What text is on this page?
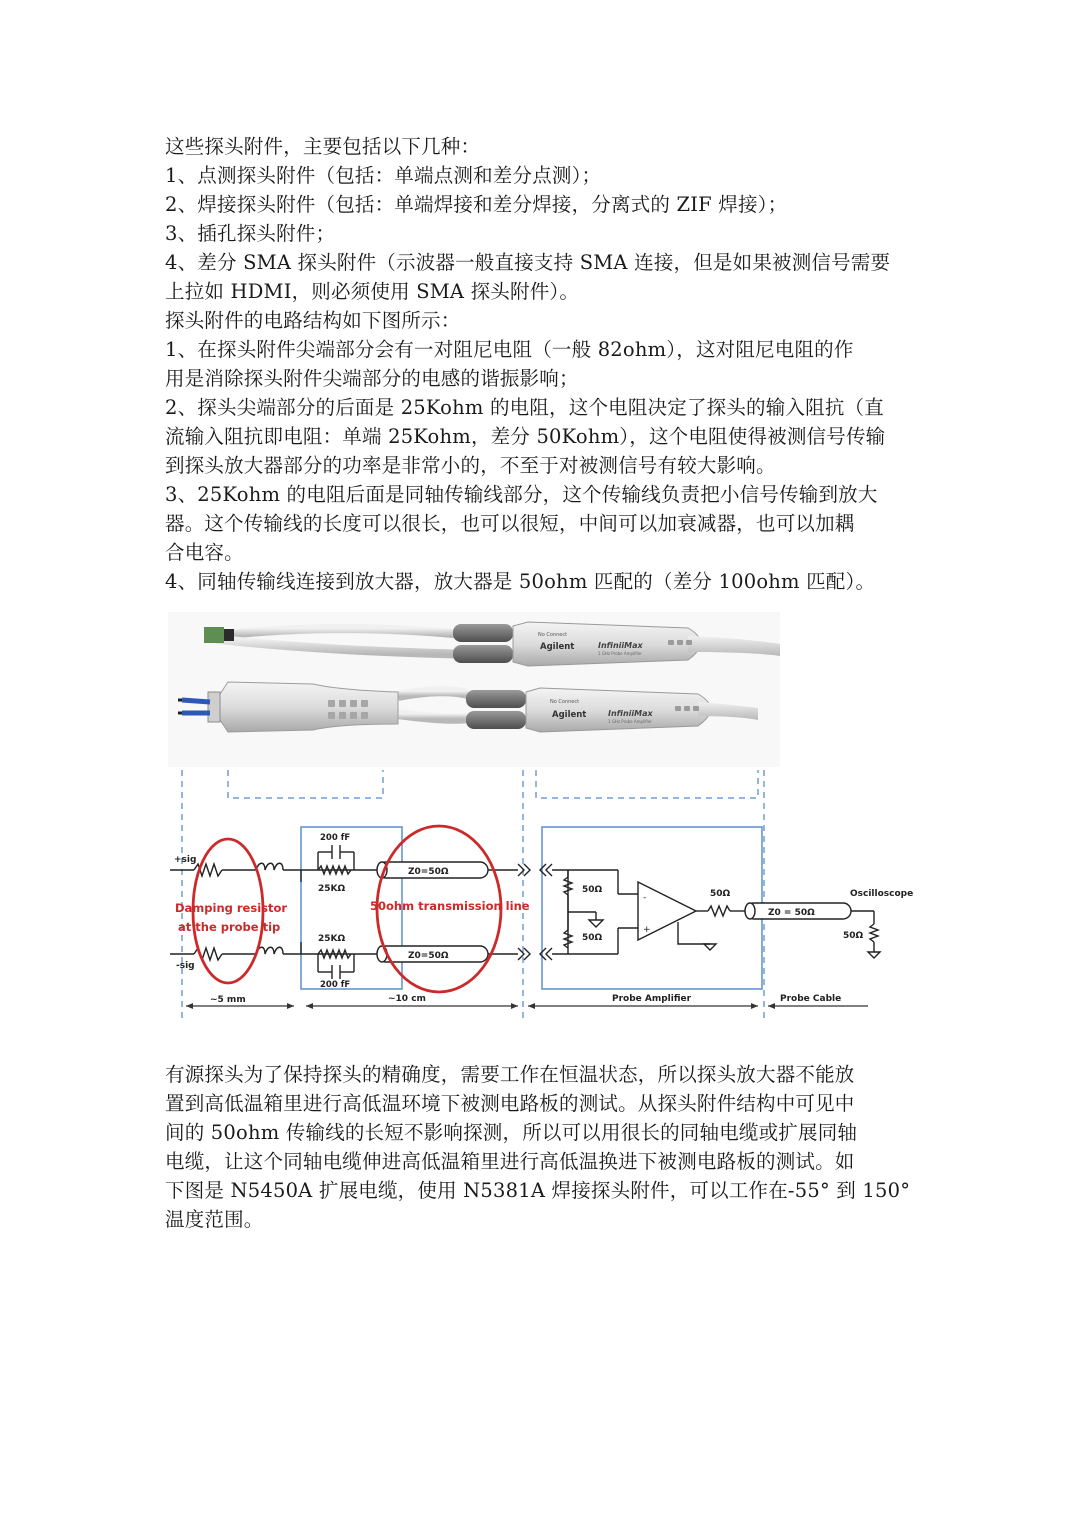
这些探头附件，主要包括以下几种：
1、点测探头附件（包括：单端点测和差分点测）；
2、焊接探头附件（包括：单端焊接和差分焊接，分离式的 ZIF 焊接）；
3、插孔探头附件；
4、差分 SMA 探头附件（示波器一般直接支持 SMA 连接，但是如果被测信号需要
上拉如 HDMI，则必须使用 SMA 探头附件）。
探头附件的电路结构如下图所示：
1、在探头附件尖端部分会有一对阻尼电阻（一般 82ohm），这对阻尼电阻的作
用是消除探头附件尖端部分的电感的谐振影响；
2、探头尖端部分的后面是 25Kohm 的电阻，这个电阻决定了探头的输入阻抗（直
流输入阻抗即电阻：单端 25Kohm，差分 50Kohm），这个电阻使得被测信号传输
到探头放大器部分的功率是非常小的，不至于对被测信号有较大影响。
3、25Kohm 的电阻后面是同轴传输线部分，这个传输线负责把小信号传输到放大
器。这个传输线的长度可以很长，也可以很短，中间可以加衰减器，也可以加耦
合电容。
4、同轴传输线连接到放大器，放大器是 50ohm 匹配的（差分 100ohm 匹配）。
No Connect
Agilent	InfiniiMax
1 GHz Probe Amplifier
No Connect
Agilent	InfiniiMax
1 GHz Probe Amplifier
-
+
+sig
-sig
200 fF
200 fF
25KΩ
25KΩ
Z0=50Ω
Z0=50Ω
50Ω
50Ω
50Ω
Z0 = 50Ω
Oscilloscope
50Ω
Probe Amplifier	Probe Cable
~5 mm	~10 cm
Damping resistor
at the probe tip
50ohm transmission line
有源探头为了保持探头的精确度，需要工作在恒温状态，所以探头放大器不能放
置到高低温箱里进行高低温环境下被测电路板的测试。从探头附件结构中可见中
间的 50ohm 传输线的长短不影响探测，所以可以用很长的同轴电缆或扩展同轴
电缆，让这个同轴电缆伸进高低温箱里进行高低温换进下被测电路板的测试。如
下图是 N5450A 扩展电缆，使用 N5381A 焊接探头附件，可以工作在-55° 到 150°
温度范围。
